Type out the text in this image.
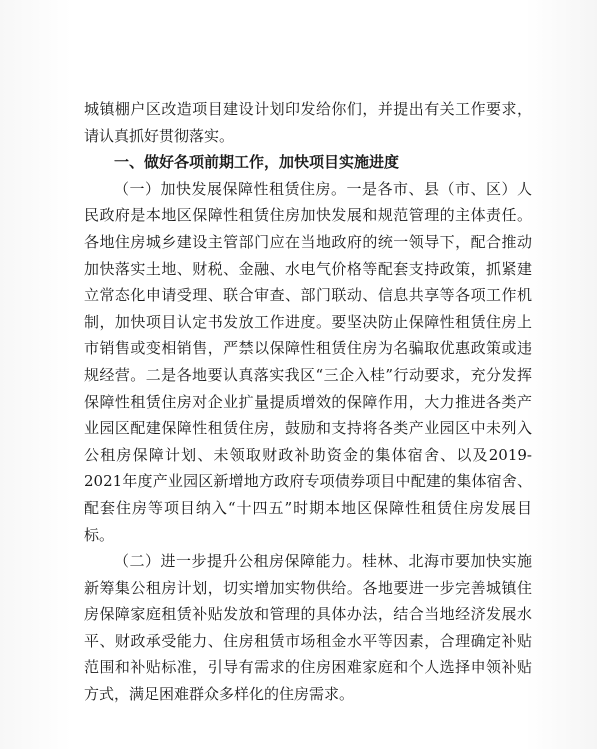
城镇棚户区改造项目建设计划印发给你们，并提出有关工作要求，请认真抓好贯彻落实。

一、做好各项前期工作，加快项目实施进度

（一）加快发展保障性租赁住房。一是各市、县（市、区）人民政府是本地区保障性租赁住房加快发展和规范管理的主体责任。各地住房城乡建设主管部门应在当地政府的统一领导下，配合推动加快落实土地、财税、金融、水电气价格等配套支持政策，抓紧建立常态化申请受理、联合审查、部门联动、信息共享等各项工作机制，加快项目认定书发放工作进度。要坚决防止保障性租赁住房上市销售或变相销售，严禁以保障性租赁住房为名骗取优惠政策或违规经营。二是各地要认真落实我区“三企入桂”行动要求，充分发挥保障性租赁住房对企业扩量提质增效的保障作用，大力推进各类产业园区配建保障性租赁住房，鼓励和支持将各类产业园区中未列入公租房保障计划、未领取财政补助资金的集体宿舍、以及2019-2021年度产业园区新增地方政府专项债券项目中配建的集体宿舍、配套住房等项目纳入“十四五”时期本地区保障性租赁住房发展目标。

（二）进一步提升公租房保障能力。桂林、北海市要加快实施新筹集公租房计划，切实增加实物供给。各地要进一步完善城镇住房保障家庭租赁补贴发放和管理的具体办法，结合当地经济发展水平、财政承受能力、住房租赁市场租金水平等因素，合理确定补贴范围和补贴标准，引导有需求的住房困难家庭和个人选择申领补贴方式，满足困难群众多样化的住房需求。
